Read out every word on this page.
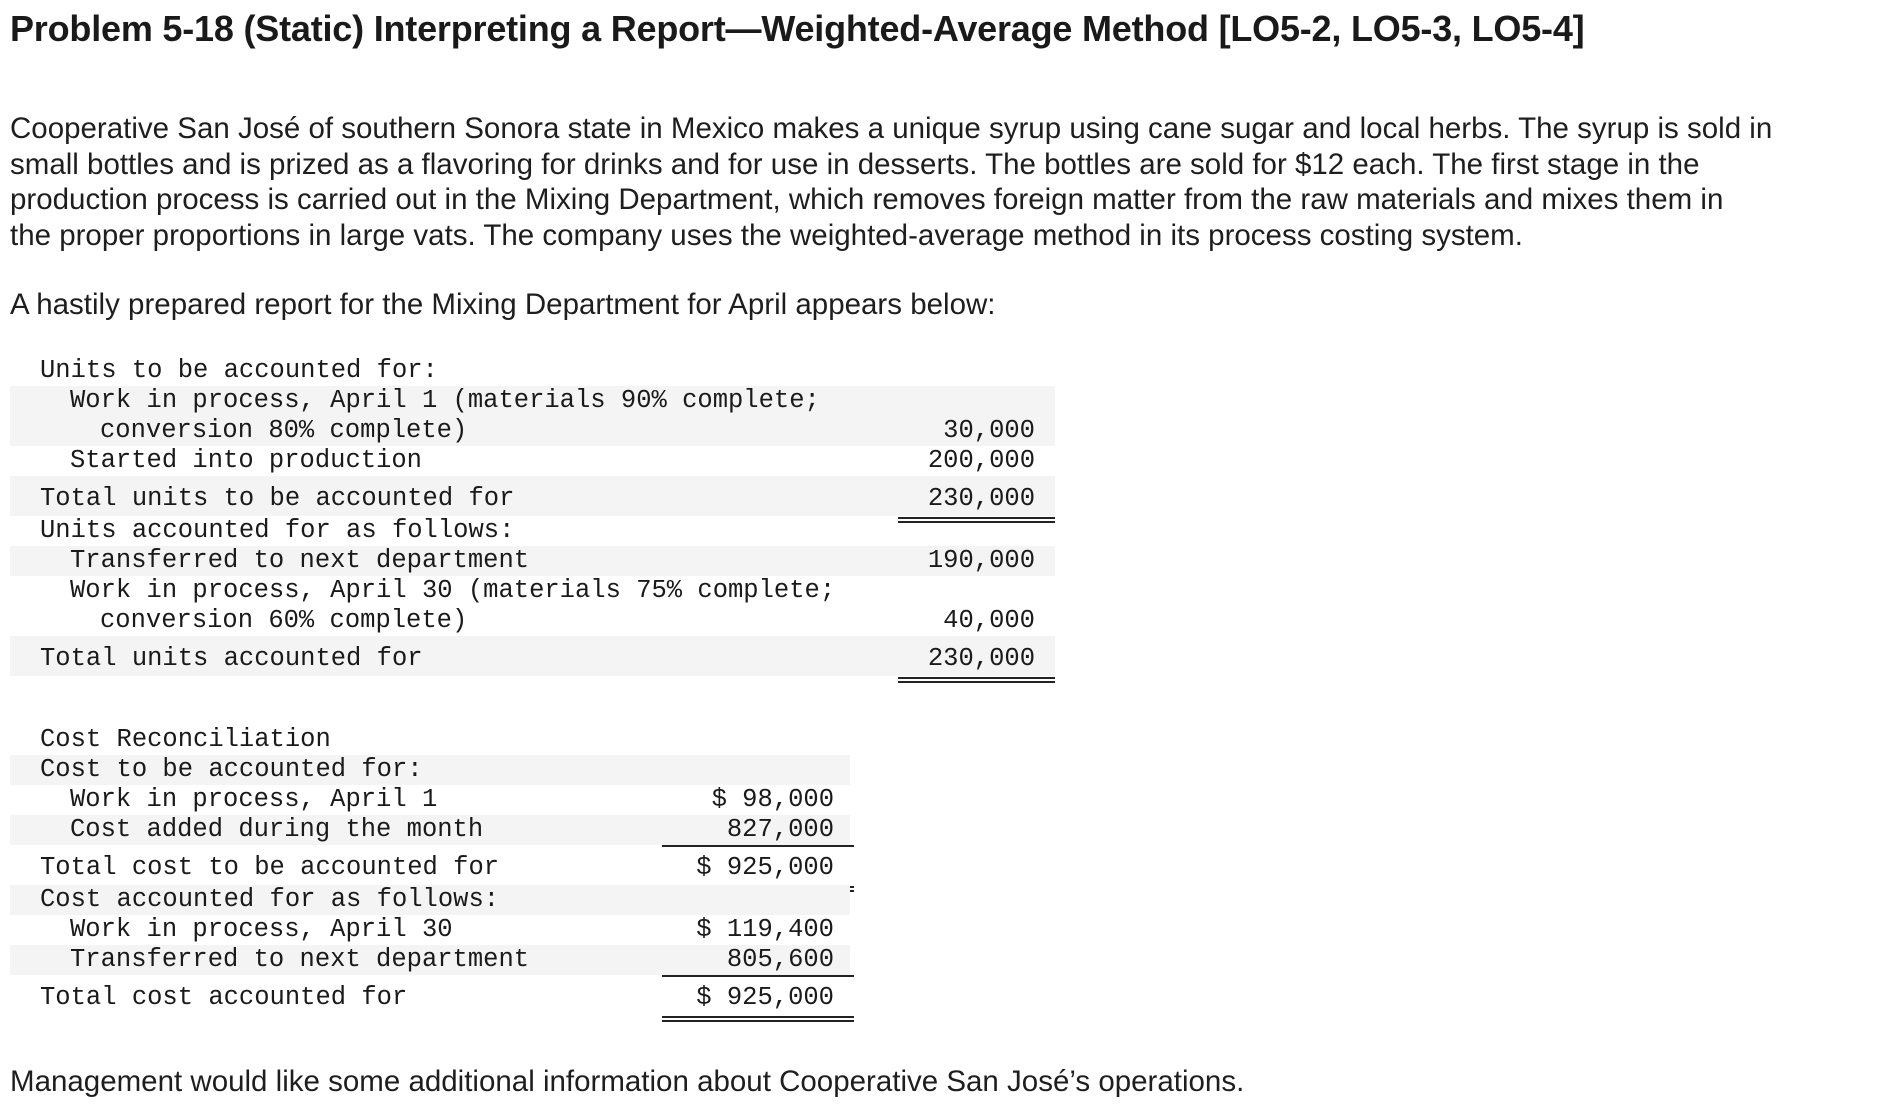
Problem 5-18 (Static) Interpreting a Report—Weighted-Average Method [LO5-2, LO5-3, LO5-4]
Cooperative San José of southern Sonora state in Mexico makes a unique syrup using cane sugar and local herbs. The syrup is sold in
small bottles and is prized as a flavoring for drinks and for use in desserts. The bottles are sold for $12 each. The first stage in the
production process is carried out in the Mixing Department, which removes foreign matter from the raw materials and mixes them in
the proper proportions in large vats. The company uses the weighted-average method in its process costing system.

A hastily prepared report for the Mixing Department for April appears below:

Units to be accounted for:
Work in process, April 1 (materials 90% complete;
conversion 80% complete)	30,000
Started into production	200,000
Total units to be accounted for	230,000
Units accounted for as follows:
Transferred to next department	190,000
Work in process, April 30 (materials 75% complete;
conversion 60% complete)	40,000
Total units accounted for	230,000
Cost Reconciliation
Cost to be accounted for:
Work in process, April 1	$ 98,000
Cost added during the month	827,000
Total cost to be accounted for	$ 925,000
Cost accounted for as follows:
Work in process, April 30	$ 119,400
Transferred to next department	805,600
Total cost accounted for	$ 925,000

Management would like some additional information about Cooperative San José’s operations.
